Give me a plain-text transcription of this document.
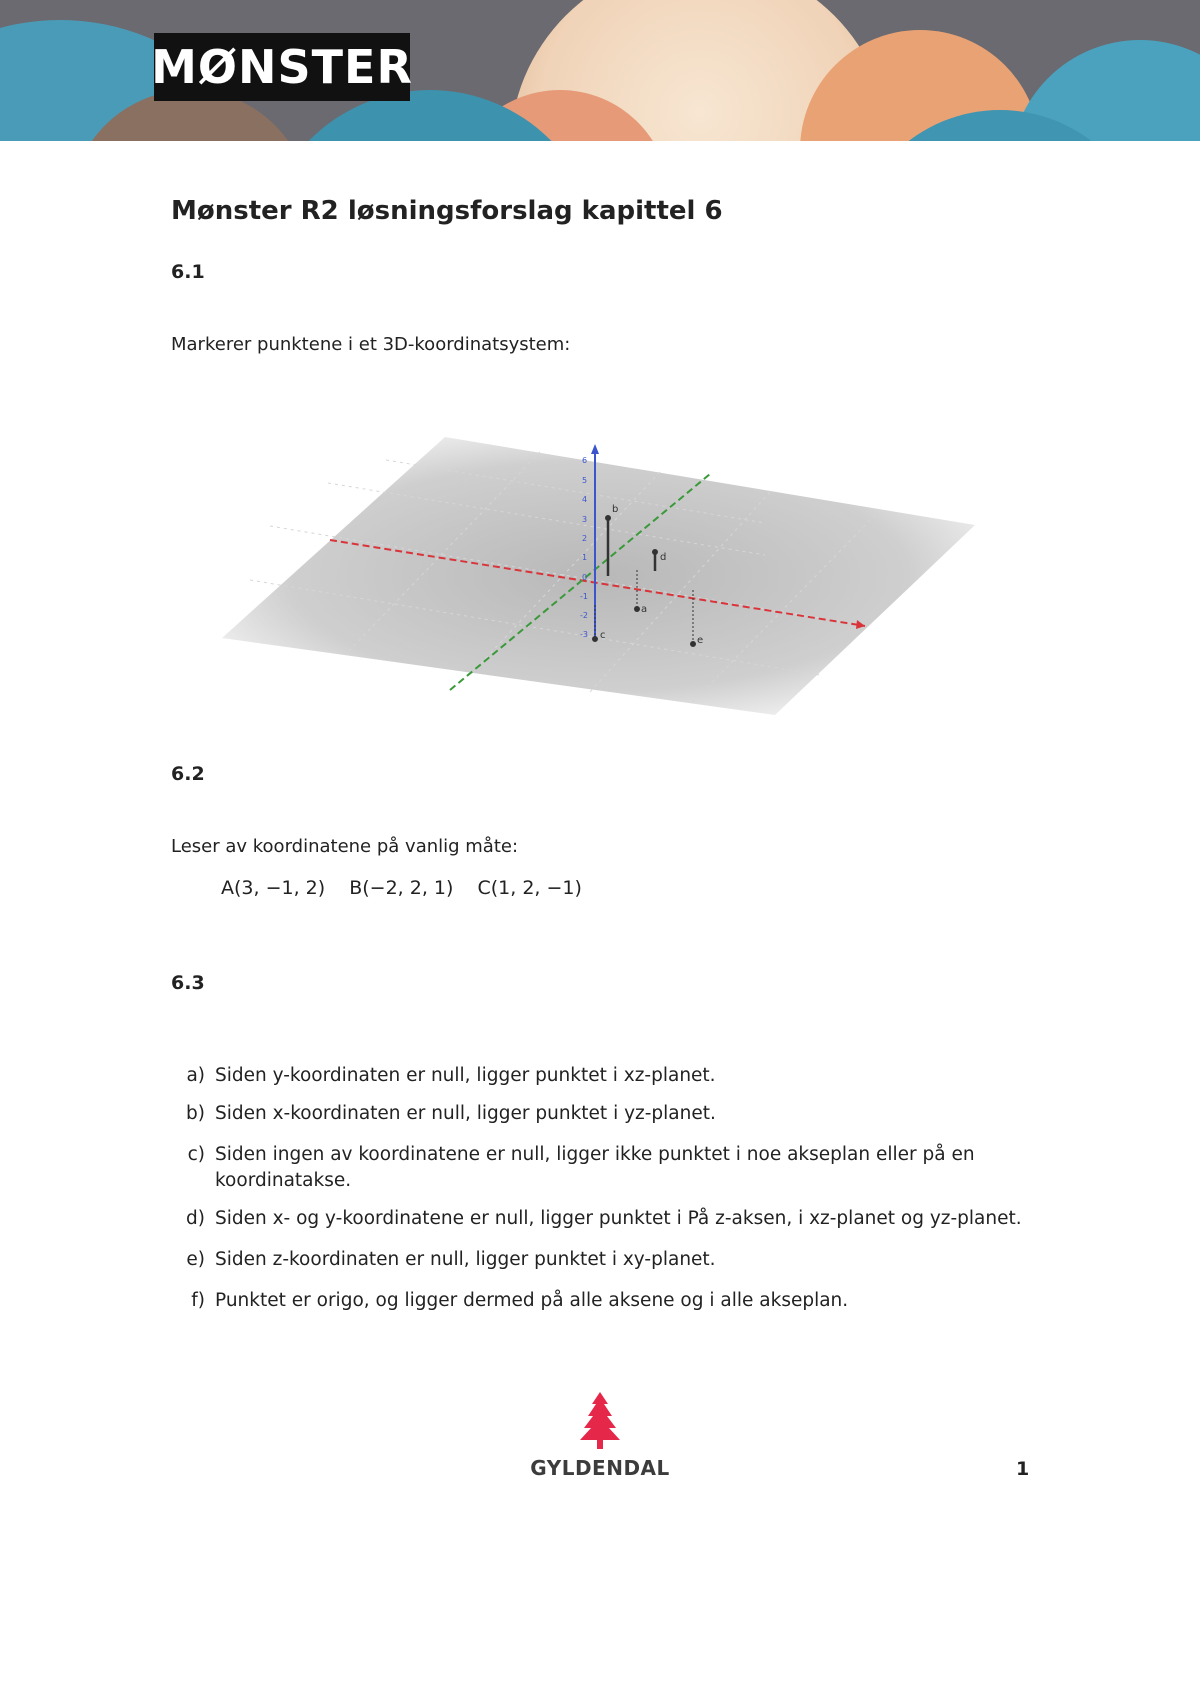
MØNSTER
Mønster R2 løsningsforslag kapittel 6
6.1

Markerer punktene i et 3D-koordinatsystem:

6
5
4
3
2
1
0
-1
-2
-3
b
d
a
c	e
6.2

Leser av koordinatene på vanlig måte:

A(3, −1, 2) B(−2, 2, 1) C(1, 2, −1)
6.3
a) Siden y-koordinaten er null, ligger punktet i xz-planet.
b) Siden x-koordinaten er null, ligger punktet i yz-planet.
c) Siden ingen av koordinatene er null, ligger ikke punktet i noe akseplan eller på en koordinatakse.
d) Siden x- og y-koordinatene er null, ligger punktet i På z-aksen, i xz-planet og yz-planet.
e) Siden z-koordinaten er null, ligger punktet i xy-planet.
f) Punktet er origo, og ligger dermed på alle aksene og i alle akseplan.
GYLDENDAL	1
